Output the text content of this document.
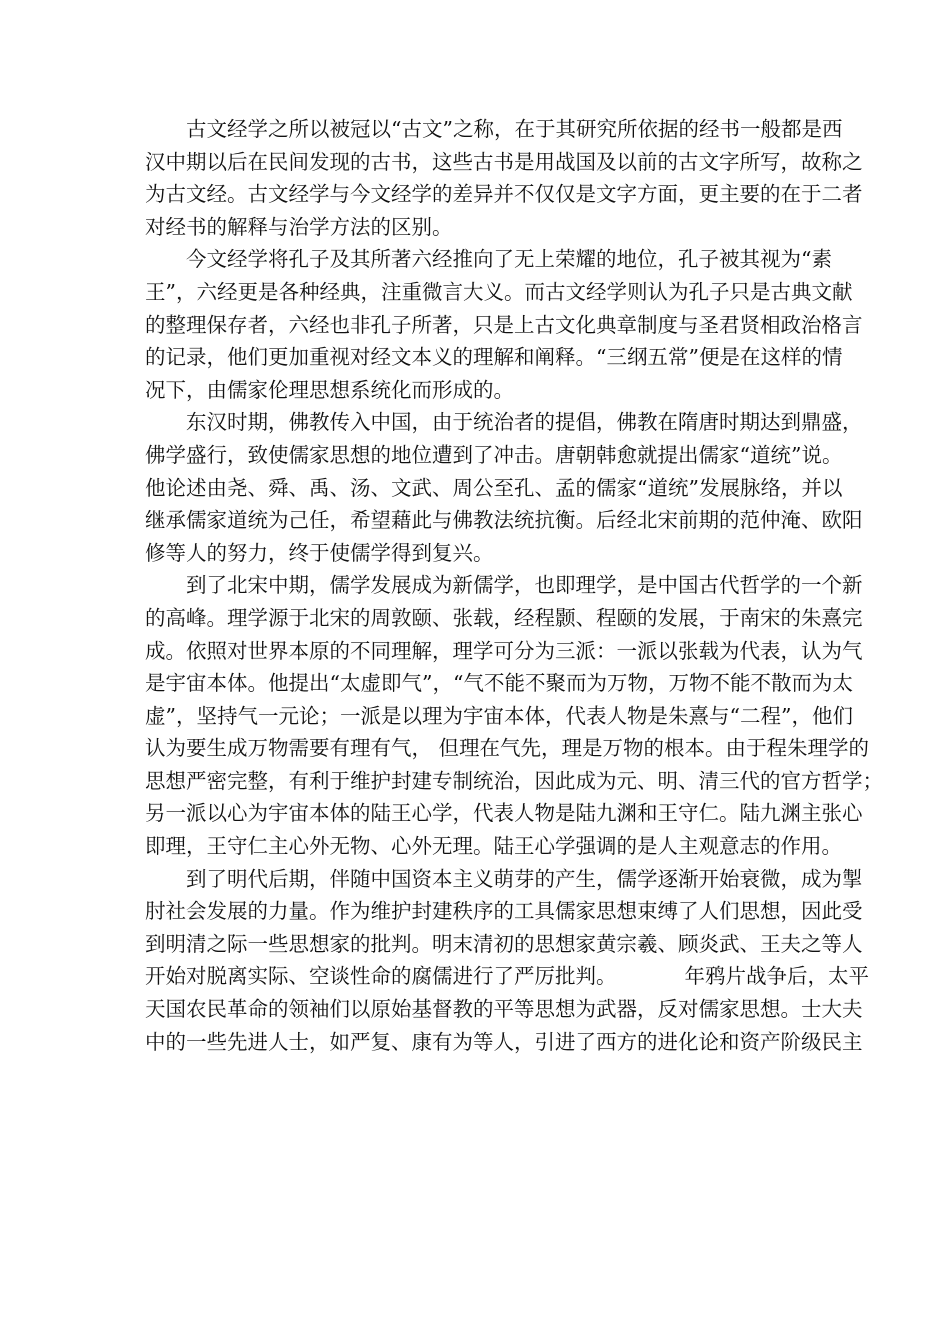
古文经学之所以被冠以“古文”之称，在于其研究所依据的经书一般都是西
汉中期以后在民间发现的古书，这些古书是用战国及以前的古文字所写，故称之
为古文经。古文经学与今文经学的差异并不仅仅是文字方面，更主要的在于二者
对经书的解释与治学方法的区别。
今文经学将孔子及其所著六经推向了无上荣耀的地位，孔子被其视为“素
王”，六经更是各种经典，注重微言大义。而古文经学则认为孔子只是古典文献
的整理保存者，六经也非孔子所著，只是上古文化典章制度与圣君贤相政治格言
的记录，他们更加重视对经文本义的理解和阐释。“三纲五常”便是在这样的情
况下，由儒家伦理思想系统化而形成的。
东汉时期，佛教传入中国，由于统治者的提倡，佛教在隋唐时期达到鼎盛，
佛学盛行，致使儒家思想的地位遭到了冲击。唐朝韩愈就提出儒家“道统”说。
他论述由尧、舜、禹、汤、文武、周公至孔、孟的儒家“道统”发展脉络，并以
继承儒家道统为己任，希望藉此与佛教法统抗衡。后经北宋前期的范仲淹、欧阳
修等人的努力，终于使儒学得到复兴。
到了北宋中期，儒学发展成为新儒学，也即理学，是中国古代哲学的一个新
的高峰。理学源于北宋的周敦颐、张载，经程颢、程颐的发展，于南宋的朱熹完
成。依照对世界本原的不同理解，理学可分为三派：一派以张载为代表，认为气
是宇宙本体。他提出“太虚即气”，“气不能不聚而为万物，万物不能不散而为太
虚”，坚持气一元论；一派是以理为宇宙本体，代表人物是朱熹与“二程”，他们
认为要生成万物需要有理有气， 但理在气先，理是万物的根本。由于程朱理学的
思想严密完整，有利于维护封建专制统治，因此成为元、明、清三代的官方哲学；
另一派以心为宇宙本体的陆王心学，代表人物是陆九渊和王守仁。陆九渊主张心
即理，王守仁主心外无物、心外无理。陆王心学强调的是人主观意志的作用。
到了明代后期，伴随中国资本主义萌芽的产生，儒学逐渐开始衰微，成为掣
肘社会发展的力量。作为维护封建秩序的工具儒家思想束缚了人们思想，因此受
到明清之际一些思想家的批判。明末清初的思想家黄宗羲、顾炎武、王夫之等人
开始对脱离实际、空谈性命的腐儒进行了严厉批判。	年鸦片战争后，太平
天国农民革命的领袖们以原始基督教的平等思想为武器，反对儒家思想。士大夫
中的一些先进人士，如严复、康有为等人，引进了西方的进化论和资产阶级民主
